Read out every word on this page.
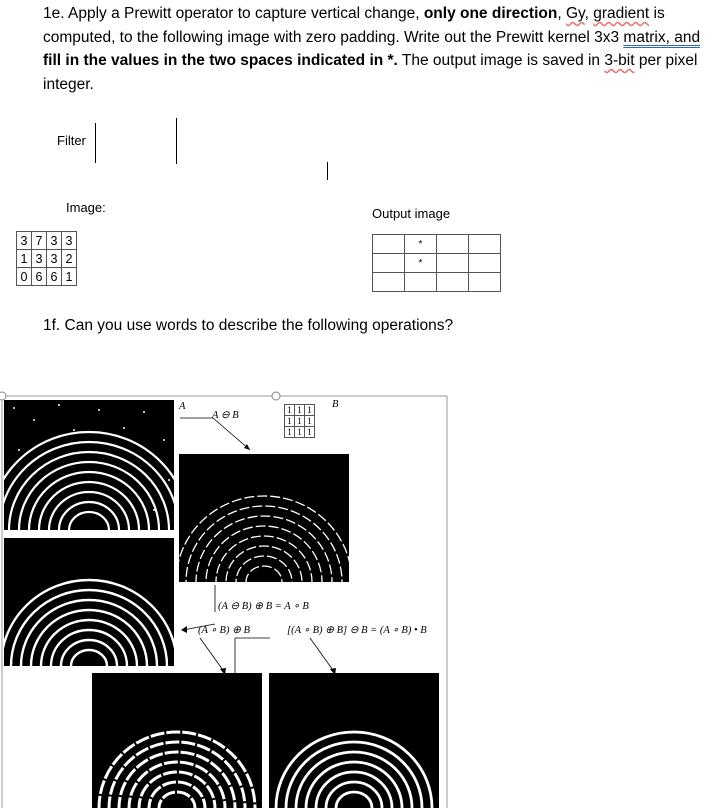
1e. Apply a Prewitt operator to capture vertical change, only one direction, Gy, gradient is computed, to the following image with zero padding. Write out the Prewitt kernel 3x3 matrix, and fill in the values in the two spaces indicated in *. The output image is saved in 3-bit per pixel integer.
Filter
Image:	Output image
3	7	3	3
1	3	3	2
0	6	6	1
	*		
	*		

1f. Can you use words to describe the following operations?
A
A ⊖ B
B
1	1	1
1	1	1
1	1	1
(A ⊖ B) ⊕ B = A ∘ B
(A ∘ B) ⊕ B	[(A ∘ B) ⊕ B] ⊖ B = (A ∘ B) • B
